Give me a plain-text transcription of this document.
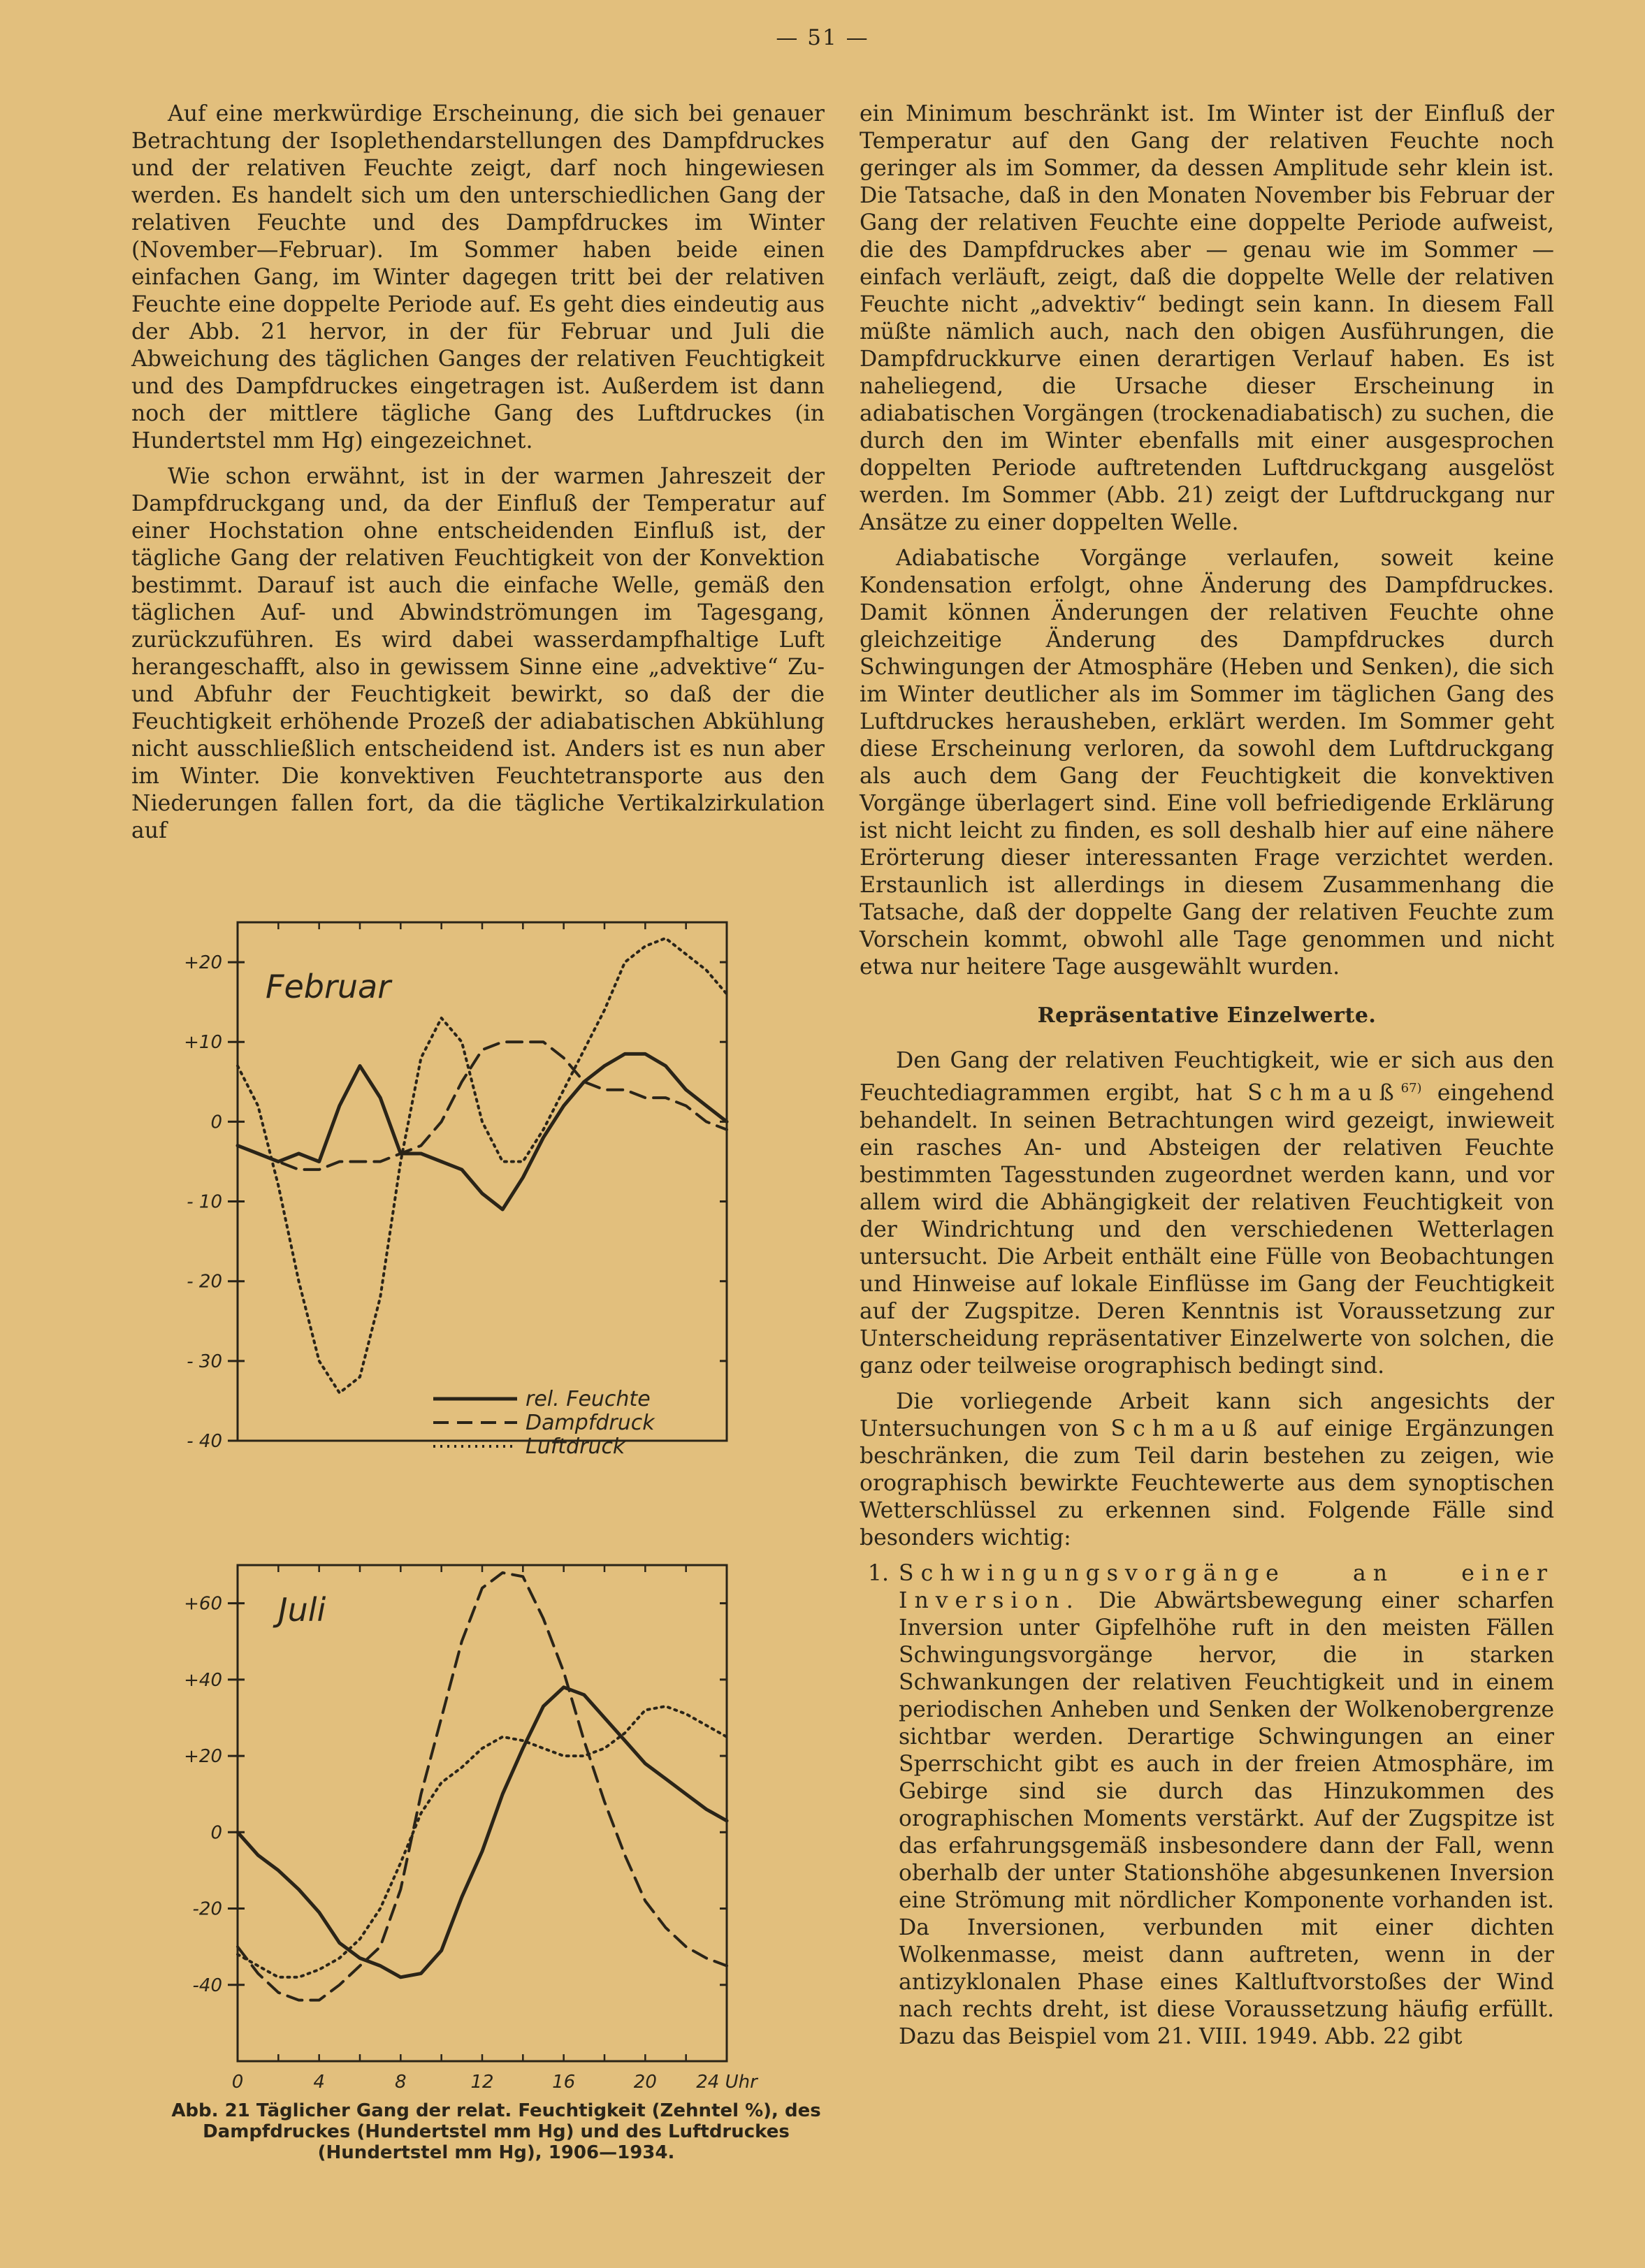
— 51 —

Auf eine merkwürdige Erscheinung, die sich bei genauer Betrachtung der Isoplethendarstellungen des Dampfdruckes und der relativen Feuchte zeigt, darf noch hingewiesen werden. Es handelt sich um den unterschiedlichen Gang der relativen Feuchte und des Dampfdruckes im Winter (November—Februar). Im Sommer haben beide einen einfachen Gang, im Winter dagegen tritt bei der relativen Feuchte eine doppelte Periode auf. Es geht dies eindeutig aus der Abb. 21 hervor, in der für Februar und Juli die Abweichung des täglichen Ganges der relativen Feuchtigkeit und des Dampfdruckes eingetragen ist. Außerdem ist dann noch der mittlere tägliche Gang des Luftdruckes (in Hundertstel mm Hg) eingezeichnet.

Wie schon erwähnt, ist in der warmen Jahreszeit der Dampfdruckgang und, da der Einfluß der Temperatur auf einer Hochstation ohne entscheidenden Einfluß ist, der tägliche Gang der relativen Feuchtigkeit von der Konvektion bestimmt. Darauf ist auch die einfache Welle, gemäß den täglichen Auf- und Abwindströmungen im Tagesgang, zurückzuführen. Es wird dabei wasserdampfhaltige Luft herangeschafft, also in gewissem Sinne eine „advektive“ Zu- und Abfuhr der Feuchtigkeit bewirkt, so daß der die Feuchtigkeit erhöhende Prozeß der adiabatischen Abkühlung nicht ausschließlich entscheidend ist. Anders ist es nun aber im Winter. Die konvektiven Feuchtetransporte aus den Niederungen fallen fort, da die tägliche Vertikalzirkulation auf

ein Minimum beschränkt ist. Im Winter ist der Einfluß der Temperatur auf den Gang der relativen Feuchte noch geringer als im Sommer, da dessen Amplitude sehr klein ist. Die Tatsache, daß in den Monaten November bis Februar der Gang der relativen Feuchte eine doppelte Periode aufweist, die des Dampfdruckes aber — genau wie im Sommer — einfach verläuft, zeigt, daß die doppelte Welle der relativen Feuchte nicht „advektiv“ bedingt sein kann. In diesem Fall müßte nämlich auch, nach den obigen Ausführungen, die Dampfdruckkurve einen derartigen Verlauf haben. Es ist naheliegend, die Ursache dieser Erscheinung in adiabatischen Vorgängen (trockenadiabatisch) zu suchen, die durch den im Winter ebenfalls mit einer ausgesprochen doppelten Periode auftretenden Luftdruckgang ausgelöst werden. Im Sommer (Abb. 21) zeigt der Luftdruckgang nur Ansätze zu einer doppelten Welle.

Adiabatische Vorgänge verlaufen, soweit keine Kondensation erfolgt, ohne Änderung des Dampfdruckes. Damit können Änderungen der relativen Feuchte ohne gleichzeitige Änderung des Dampfdruckes durch Schwingungen der Atmosphäre (Heben und Senken), die sich im Winter deutlicher als im Sommer im täglichen Gang des Luftdruckes herausheben, erklärt werden. Im Sommer geht diese Erscheinung verloren, da sowohl dem Luftdruckgang als auch dem Gang der Feuchtigkeit die konvektiven Vorgänge überlagert sind. Eine voll befriedigende Erklärung ist nicht leicht zu finden, es soll deshalb hier auf eine nähere Erörterung dieser interessanten Frage verzichtet werden. Erstaunlich ist allerdings in diesem Zusammenhang die Tatsache, daß der doppelte Gang der relativen Feuchte zum Vorschein kommt, obwohl alle Tage genommen und nicht etwa nur heitere Tage ausgewählt wurden.

Repräsentative Einzelwerte.

Den Gang der relativen Feuchtigkeit, wie er sich aus den Feuchtediagrammen ergibt, hat Schmauß$^{67)}$ eingehend behandelt. In seinen Betrachtungen wird gezeigt, inwieweit ein rasches An- und Absteigen der relativen Feuchte bestimmten Tagesstunden zugeordnet werden kann, und vor allem wird die Abhängigkeit der relativen Feuchtigkeit von der Windrichtung und den verschiedenen Wetterlagen untersucht. Die Arbeit enthält eine Fülle von Beobachtungen und Hinweise auf lokale Einflüsse im Gang der Feuchtigkeit auf der Zugspitze. Deren Kenntnis ist Voraussetzung zur Unterscheidung repräsentativer Einzelwerte von solchen, die ganz oder teilweise orographisch bedingt sind.

Die vorliegende Arbeit kann sich angesichts der Untersuchungen von Schmauß auf einige Ergänzungen beschränken, die zum Teil darin bestehen zu zeigen, wie orographisch bewirkte Feuchtewerte aus dem synoptischen Wetterschlüssel zu erkennen sind. Folgende Fälle sind besonders wichtig:

1. Schwingungsvorgänge an einer Inversion. Die Abwärtsbewegung einer scharfen Inversion unter Gipfelhöhe ruft in den meisten Fällen Schwingungsvorgänge hervor, die in starken Schwankungen der relativen Feuchtigkeit und in einem periodischen Anheben und Senken der Wolkenobergrenze sichtbar werden. Derartige Schwingungen an einer Sperrschicht gibt es auch in der freien Atmosphäre, im Gebirge sind sie durch das Hinzukommen des orographischen Moments verstärkt. Auf der Zugspitze ist das erfahrungsgemäß insbesondere dann der Fall, wenn oberhalb der unter Stationshöhe abgesunkenen Inversion eine Strömung mit nördlicher Komponente vorhanden ist. Da Inversionen, verbunden mit einer dichten Wolkenmasse, meist dann auftreten, wenn in der antizyklonalen Phase eines Kaltluftvorstoßes der Wind nach rechts dreht, ist diese Voraussetzung häufig erfüllt. Dazu das Beispiel vom 21. VIII. 1949. Abb. 22 gibt
+20
+10
0
- 10
- 20
- 30
- 40
Februar
rel. Feuchte
Dampfdruck
Luftdruck
+60
+40
+20
0
-20
-40
0	4	8	12	16	20 24 Uhr
Juli
Abb. 21 Täglicher Gang der relat. Feuchtigkeit (Zehntel %), des Dampfdruckes (Hundertstel mm Hg) und des Luftdruckes (Hundertstel mm Hg), 1906—1934.
